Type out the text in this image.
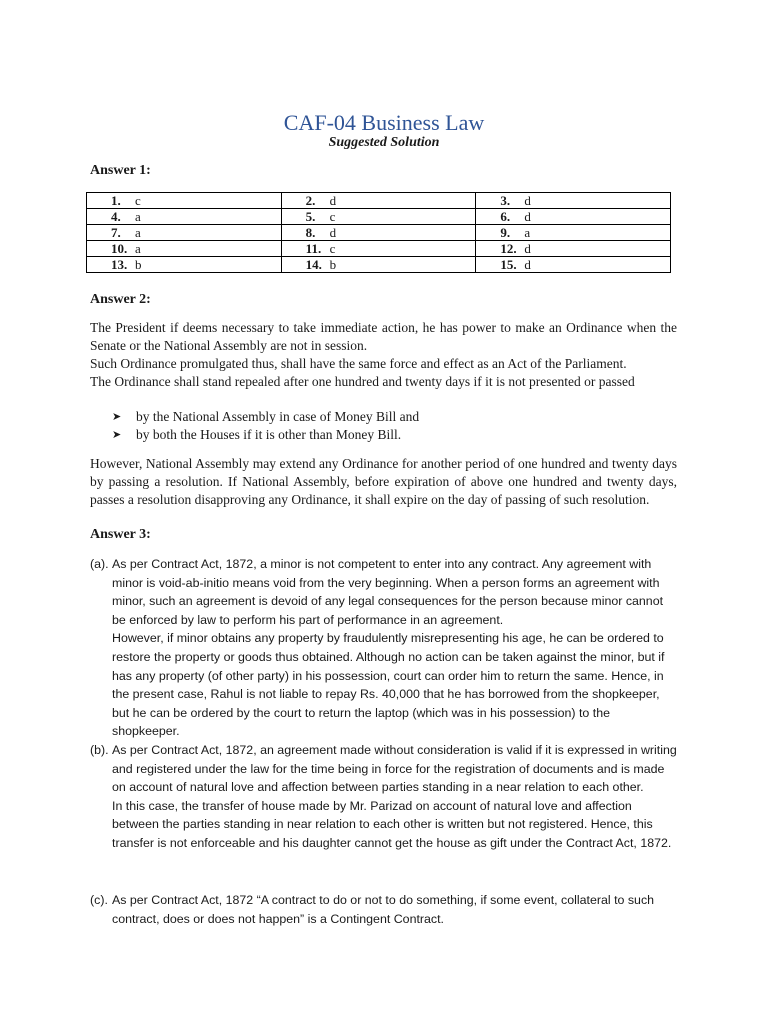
CAF-04 Business Law
Suggested Solution
Answer 1:
1. c	2. d	3. d
4. a	5. c	6. d
7. a	8. d	9. a
10. a	11. c	12. d
13. b	14. b	15. d
Answer 2:

The President if deems necessary to take immediate action, he has power to make an Ordinance when the Senate or the National Assembly are not in session.

Such Ordinance promulgated thus, shall have the same force and effect as an Act of the Parliament.

The Ordinance shall stand repealed after one hundred and twenty days if it is not presented or passed

➤	by the National Assembly in case of Money Bill and
➤	by both the Houses if it is other than Money Bill.

However, National Assembly may extend any Ordinance for another period of one hundred and twenty days by passing a resolution. If National Assembly, before expiration of above one hundred and twenty days, passes a resolution disapproving any Ordinance, it shall expire on the day of passing of such resolution.

Answer 3:
(a). As per Contract Act, 1872, a minor is not competent to enter into any contract. Any agreement with minor is void-ab-initio means void from the very beginning. When a person forms an agreement with minor, such an agreement is devoid of any legal consequences for the person because minor cannot be enforced by law to perform his part of performance in an agreement.
However, if minor obtains any property by fraudulently misrepresenting his age, he can be ordered to restore the property or goods thus obtained. Although no action can be taken against the minor, but if has any property (of other party) in his possession, court can order him to return the same. Hence, in the present case, Rahul is not liable to repay Rs. 40,000 that he has borrowed from the shopkeeper, but he can be ordered by the court to return the laptop (which was in his possession) to the shopkeeper.
(b). As per Contract Act, 1872, an agreement made without consideration is valid if it is expressed in writing and registered under the law for the time being in force for the registration of documents and is made on account of natural love and affection between parties standing in a near relation to each other.
In this case, the transfer of house made by Mr. Parizad on account of natural love and affection between the parties standing in near relation to each other is written but not registered. Hence, this transfer is not enforceable and his daughter cannot get the house as gift under the Contract Act, 1872.
(c). As per Contract Act, 1872 “A contract to do or not to do something, if some event, collateral to such contract, does or does not happen” is a Contingent Contract.
